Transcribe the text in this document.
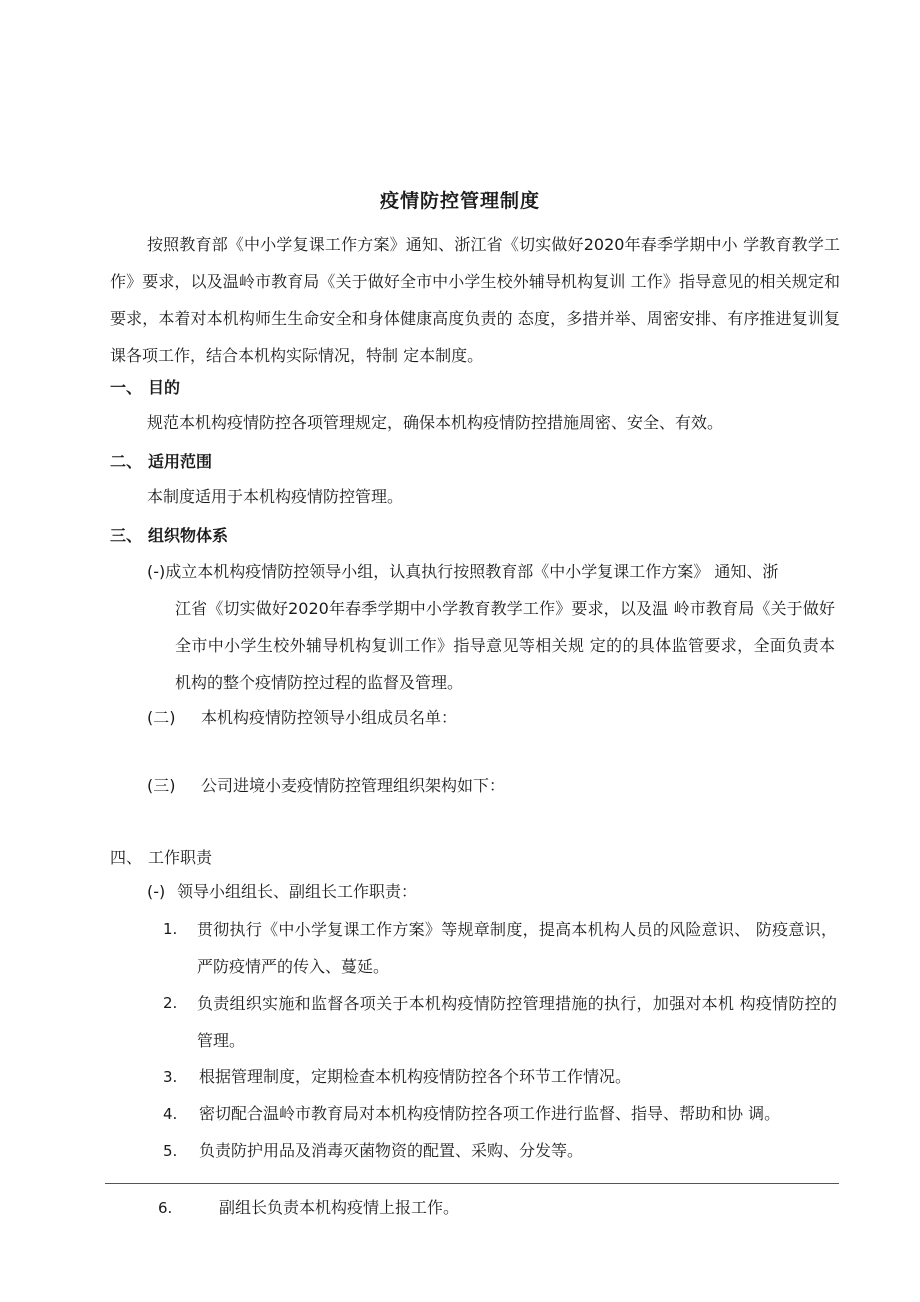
疫情防控管理制度

按照教育部《中小学复课工作方案》通知、浙江省《切实做好2020年春季学期中小 学教育教学工作》要求，以及温岭市教育局《关于做好全市中小学生校外辅导机构复训 工作》指导意见的相关规定和要求，本着对本机构师生生命安全和身体健康高度负责的 态度，多措并举、周密安排、有序推进复训复课各项工作，结合本机构实际情况，特制 定本制度。

一、 目的
规范本机构疫情防控各项管理规定，确保本机构疫情防控措施周密、安全、有效。
二、 适用范围
本制度适用于本机构疫情防控管理。
三、 组织物体系
(-)成立本机构疫情防控领导小组，认真执行按照教育部《中小学复课工作方案》 通知、浙

江省《切实做好2020年春季学期中小学教育教学工作》要求，以及温 岭市教育局《关于做好全市中小学生校外辅导机构复训工作》指导意见等相关规 定的的具体监管要求，全面负责本机构的整个疫情防控过程的监督及管理。

(二) 本机构疫情防控领导小组成员名单：
(三) 公司进境小麦疫情防控管理组织架构如下：
四、 工作职责
(-) 领导小组组长、副组长工作职责：
1. 贯彻执行《中小学复课工作方案》等规章制度，提高本机构人员的风险意识、 防疫意识，严防疫情严的传入、蔓延。

2. 负责组织实施和监督各项关于本机构疫情防控管理措施的执行，加强对本机 构疫情防控的管理。

3. 根据管理制度，定期检查本机构疫情防控各个环节工作情况。
4. 密切配合温岭市教育局对本机构疫情防控各项工作进行监督、指导、帮助和协 调。
5. 负责防护用品及消毒灭菌物资的配置、采购、分发等。
6.	副组长负责本机构疫情上报工作。
